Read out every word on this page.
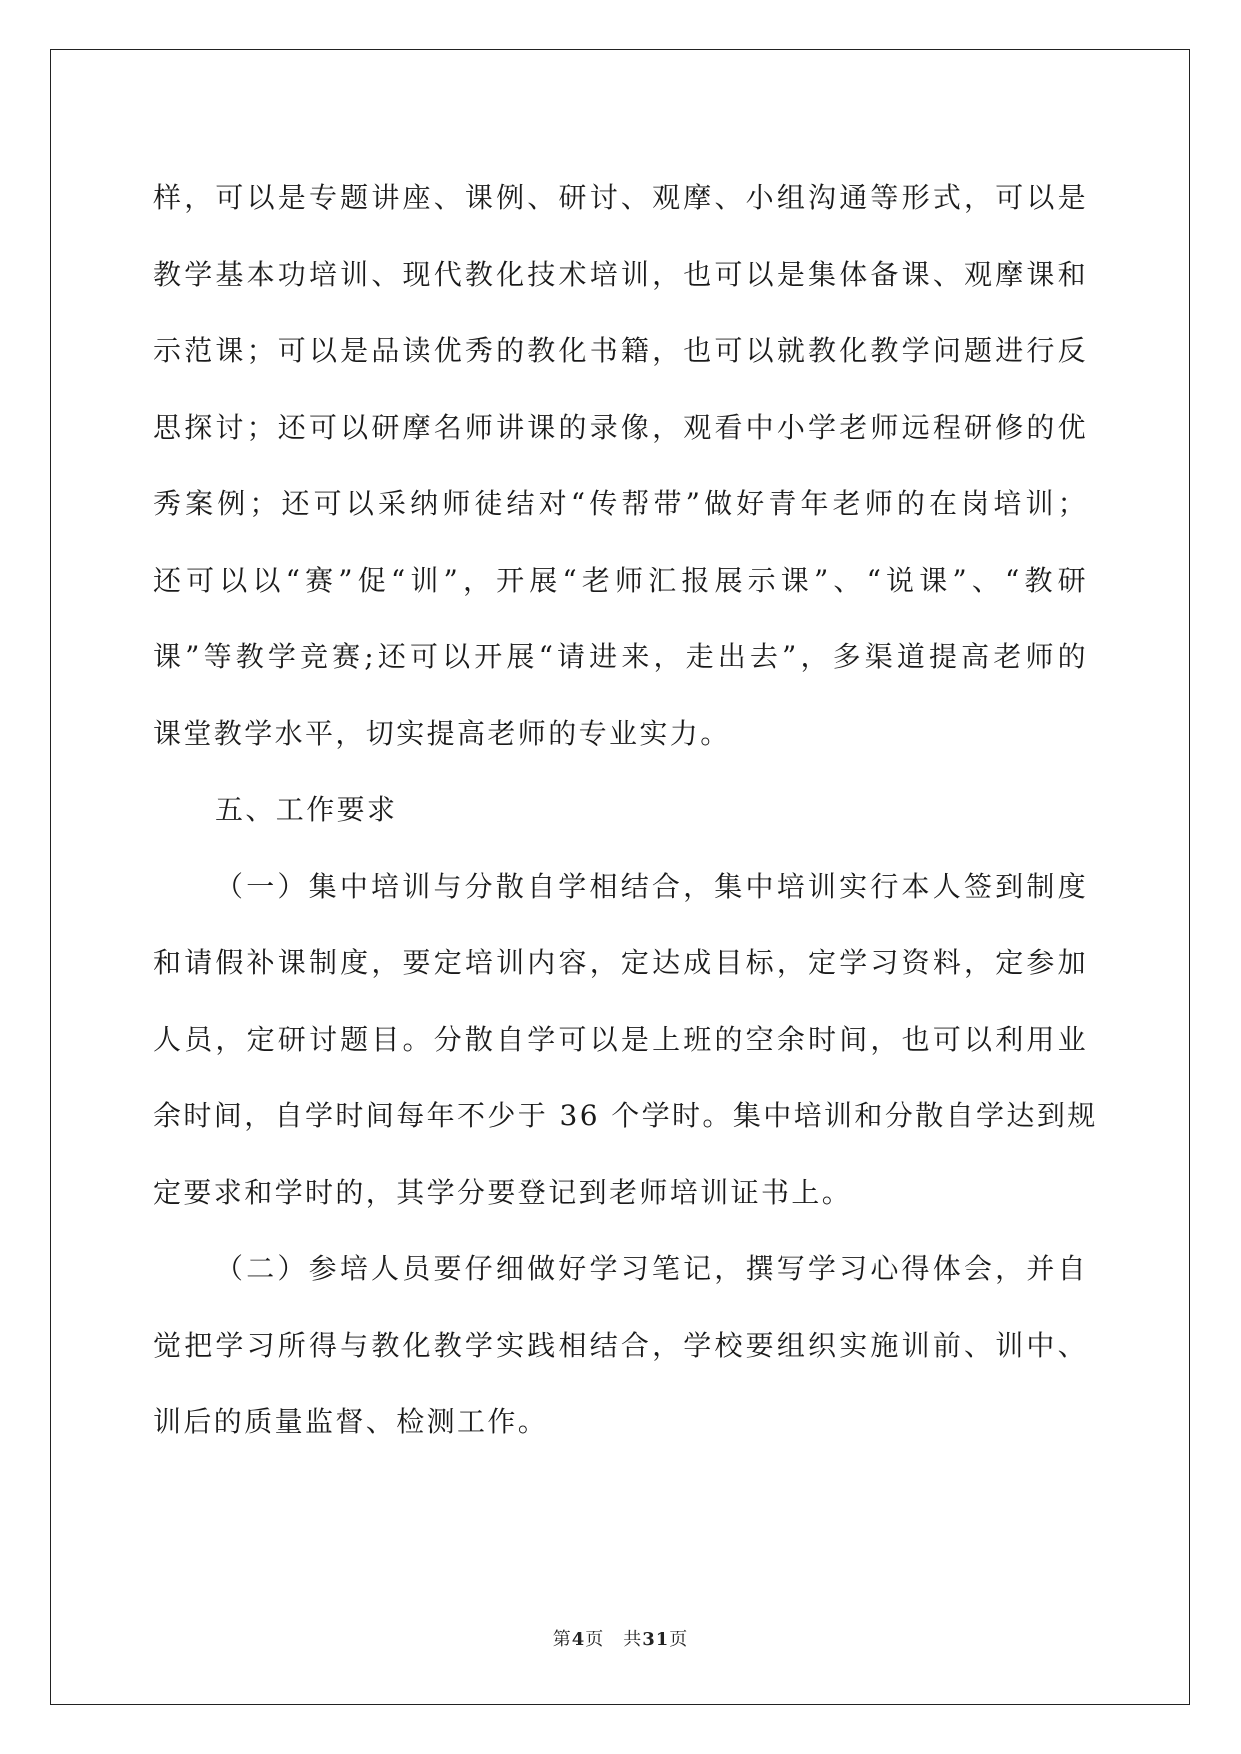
样，可以是专题讲座、课例、研讨、观摩、小组沟通等形式，可以是
教学基本功培训、现代教化技术培训，也可以是集体备课、观摩课和
示范课；可以是品读优秀的教化书籍，也可以就教化教学问题进行反
思探讨；还可以研摩名师讲课的录像，观看中小学老师远程研修的优
秀案例；还可以采纳师徒结对“传帮带”做好青年老师的在岗培训；
还可以以“赛”促“训”，开展“老师汇报展示课”、“说课”、“教研
课”等教学竞赛;还可以开展“请进来，走出去”，多渠道提高老师的
课堂教学水平，切实提高老师的专业实力。
五、工作要求
（一）集中培训与分散自学相结合，集中培训实行本人签到制度
和请假补课制度，要定培训内容，定达成目标，定学习资料，定参加
人员，定研讨题目。分散自学可以是上班的空余时间，也可以利用业
余时间，自学时间每年不少于 36 个学时。集中培训和分散自学达到规
定要求和学时的，其学分要登记到老师培训证书上。
（二）参培人员要仔细做好学习笔记，撰写学习心得体会，并自
觉把学习所得与教化教学实践相结合，学校要组织实施训前、训中、
训后的质量监督、检测工作。
第4页　共31页
